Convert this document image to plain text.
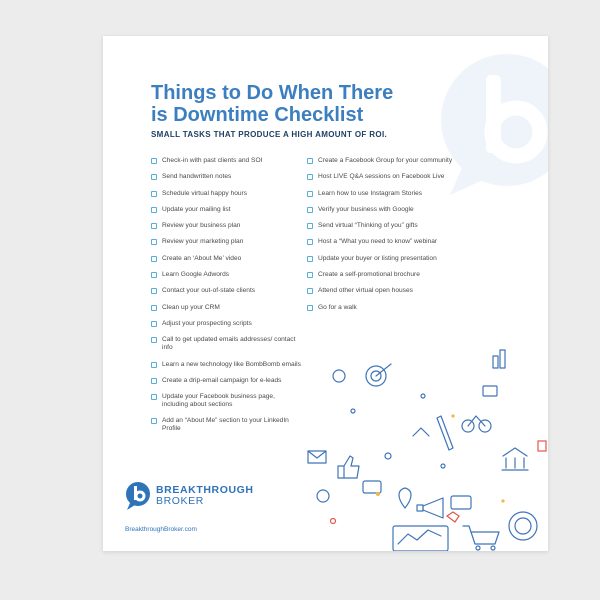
Things to Do When There
is Downtime Checklist
SMALL TASKS THAT PRODUCE A HIGH AMOUNT OF ROI.
Check-in with past clients and SOI
Send handwritten notes
Schedule virtual happy hours
Update your mailing list
Review your business plan
Review your marketing plan
Create an ‘About Me’ video
Learn Google Adwords
Contact your out-of-state clients
Clean up your CRM
Adjust your prospecting scripts
Call to get updated emails addresses/ contact info
Learn a new technology like BombBomb emails
Create a drip-email campaign for e-leads
Update your Facebook business page, including about sections
Add an “About Me” section to your LinkedIn Profile
Create a Facebook Group for your community
Host LIVE Q&A sessions on Facebook Live
Learn how to use Instagram Stories
Verify your business with Google
Send virtual “Thinking of you” gifts
Host a “What you need to know” webinar
Update your buyer or listing presentation
Create a self-promotional brochure
Attend other virtual open houses
Go for a walk
BREAKTHROUGH
BROKER
BreakthroughBroker.com
